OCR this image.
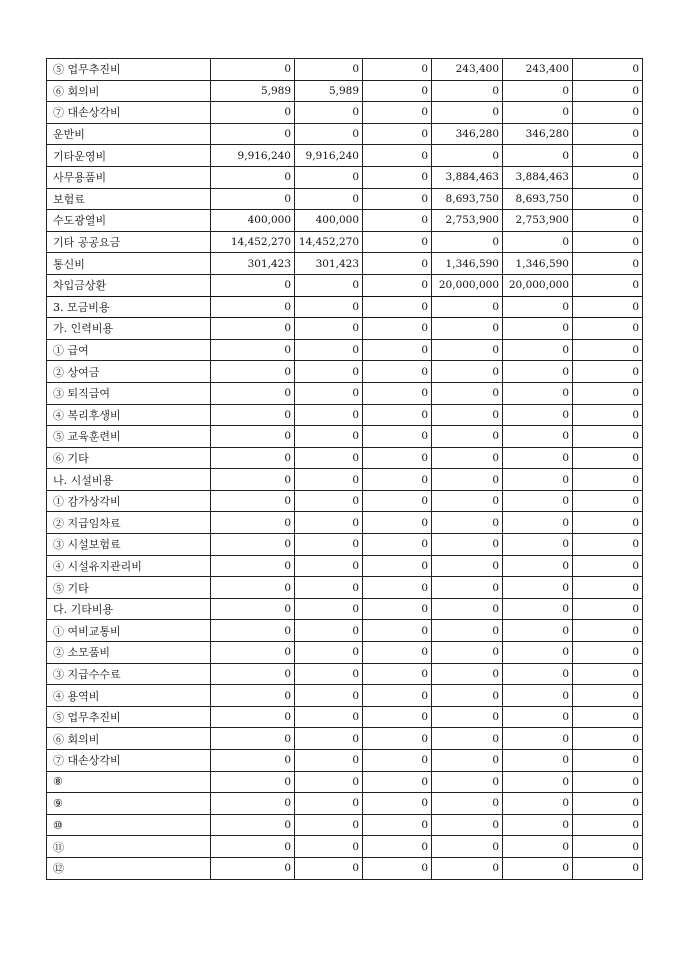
⑤ 업무추진비	0	0	0	243,400	243,400	0
⑥ 회의비	5,989	5,989	0	0	0	0
⑦ 대손상각비	0	0	0	0	0	0
운반비	0	0	0	346,280	346,280	0
기타운영비	9,916,240	9,916,240	0	0	0	0
사무용품비	0	0	0	3,884,463	3,884,463	0
보험료	0	0	0	8,693,750	8,693,750	0
수도광열비	400,000	400,000	0	2,753,900	2,753,900	0
기타 공공요금	14,452,270	14,452,270	0	0	0	0
통신비	301,423	301,423	0	1,346,590	1,346,590	0
차입금상환	0	0	0	20,000,000	20,000,000	0
3. 모금비용	0	0	0	0	0	0
가. 인력비용	0	0	0	0	0	0
① 급여	0	0	0	0	0	0
② 상여금	0	0	0	0	0	0
③ 퇴직급여	0	0	0	0	0	0
④ 복리후생비	0	0	0	0	0	0
⑤ 교육훈련비	0	0	0	0	0	0
⑥ 기타	0	0	0	0	0	0
나. 시설비용	0	0	0	0	0	0
① 감가상각비	0	0	0	0	0	0
② 지급임차료	0	0	0	0	0	0
③ 시설보험료	0	0	0	0	0	0
④ 시설유지관리비	0	0	0	0	0	0
⑤ 기타	0	0	0	0	0	0
다. 기타비용	0	0	0	0	0	0
① 여비교통비	0	0	0	0	0	0
② 소모품비	0	0	0	0	0	0
③ 지급수수료	0	0	0	0	0	0
④ 용역비	0	0	0	0	0	0
⑤ 업무추진비	0	0	0	0	0	0
⑥ 회의비	0	0	0	0	0	0
⑦ 대손상각비	0	0	0	0	0	0
⑧	0	0	0	0	0	0
⑨	0	0	0	0	0	0
⑩	0	0	0	0	0	0
⑪	0	0	0	0	0	0
⑫	0	0	0	0	0	0
